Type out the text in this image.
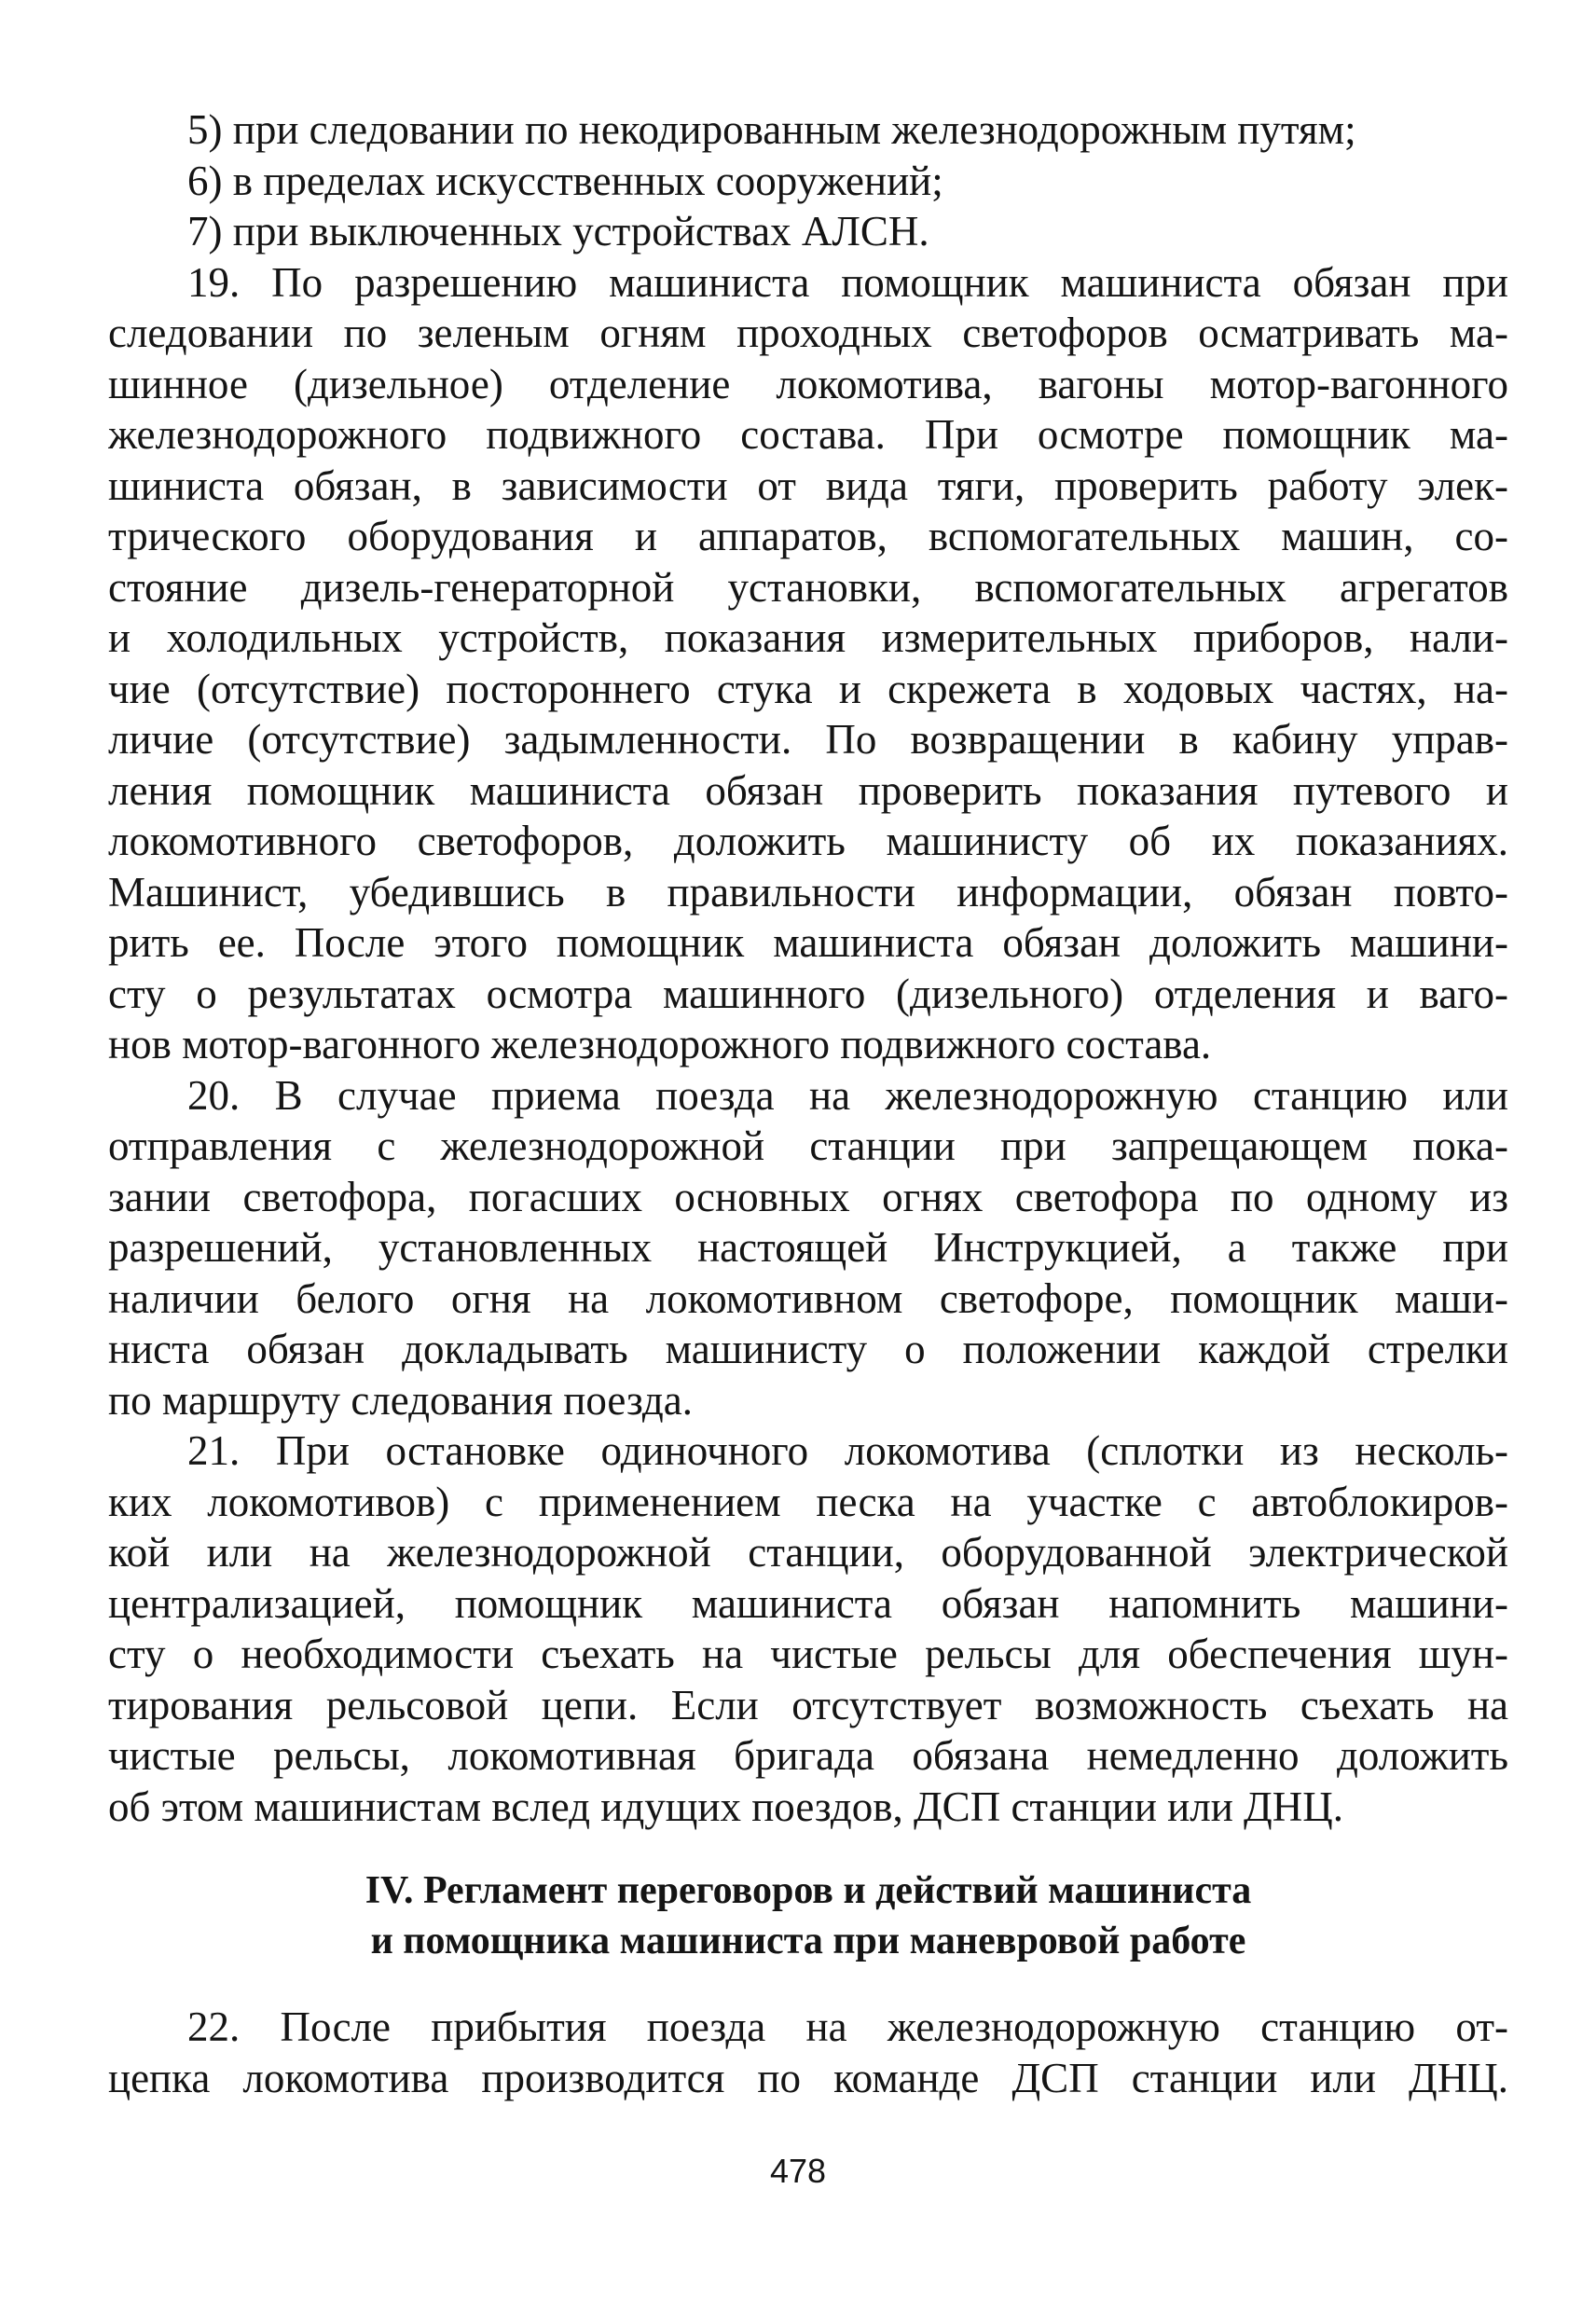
5) при следовании по некодированным железнодорожным путям;
6) в пределах искусственных сооружений;
7) при выключенных устройствах АЛСН.
19. По разрешению машиниста помощник машиниста обязан при
следовании по зеленым огням проходных светофоров осматривать ма-
шинное (дизельное) отделение локомотива, вагоны мотор-вагонного
железнодорожного подвижного состава. При осмотре помощник ма-
шиниста обязан, в зависимости от вида тяги, проверить работу элек-
трического оборудования и аппаратов, вспомогательных машин, со-
стояние дизель-генераторной установки, вспомогательных агрегатов
и холодильных устройств, показания измерительных приборов, нали-
чие (отсутствие) постороннего стука и скрежета в ходовых частях, на-
личие (отсутствие) задымленности. По возвращении в кабину управ-
ления помощник машиниста обязан проверить показания путевого и
локомотивного светофоров, доложить машинисту об их показаниях.
Машинист, убедившись в правильности информации, обязан повто-
рить ее. После этого помощник машиниста обязан доложить машини-
сту о результатах осмотра машинного (дизельного) отделения и ваго-
нов мотор-вагонного железнодорожного подвижного состава.
20. В случае приема поезда на железнодорожную станцию или
отправления с железнодорожной станции при запрещающем пока-
зании светофора, погасших основных огнях светофора по одному из
разрешений, установленных настоящей Инструкцией, а также при
наличии белого огня на локомотивном светофоре, помощник маши-
ниста обязан докладывать машинисту о положении каждой стрелки
по маршруту следования поезда.
21. При остановке одиночного локомотива (сплотки из несколь-
ких локомотивов) с применением песка на участке с автоблокиров-
кой или на железнодорожной станции, оборудованной электрической
централизацией, помощник машиниста обязан напомнить машини-
сту о необходимости съехать на чистые рельсы для обеспечения шун-
тирования рельсовой цепи. Если отсутствует возможность съехать на
чистые рельсы, локомотивная бригада обязана немедленно доложить
об этом машинистам вслед идущих поездов, ДСП станции или ДНЦ.
IV. Регламент переговоров и действий машиниста
и помощника машиниста при маневровой работе
22. После прибытия поезда на железнодорожную станцию от-
цепка локомотива производится по команде ДСП станции или ДНЦ.
478
